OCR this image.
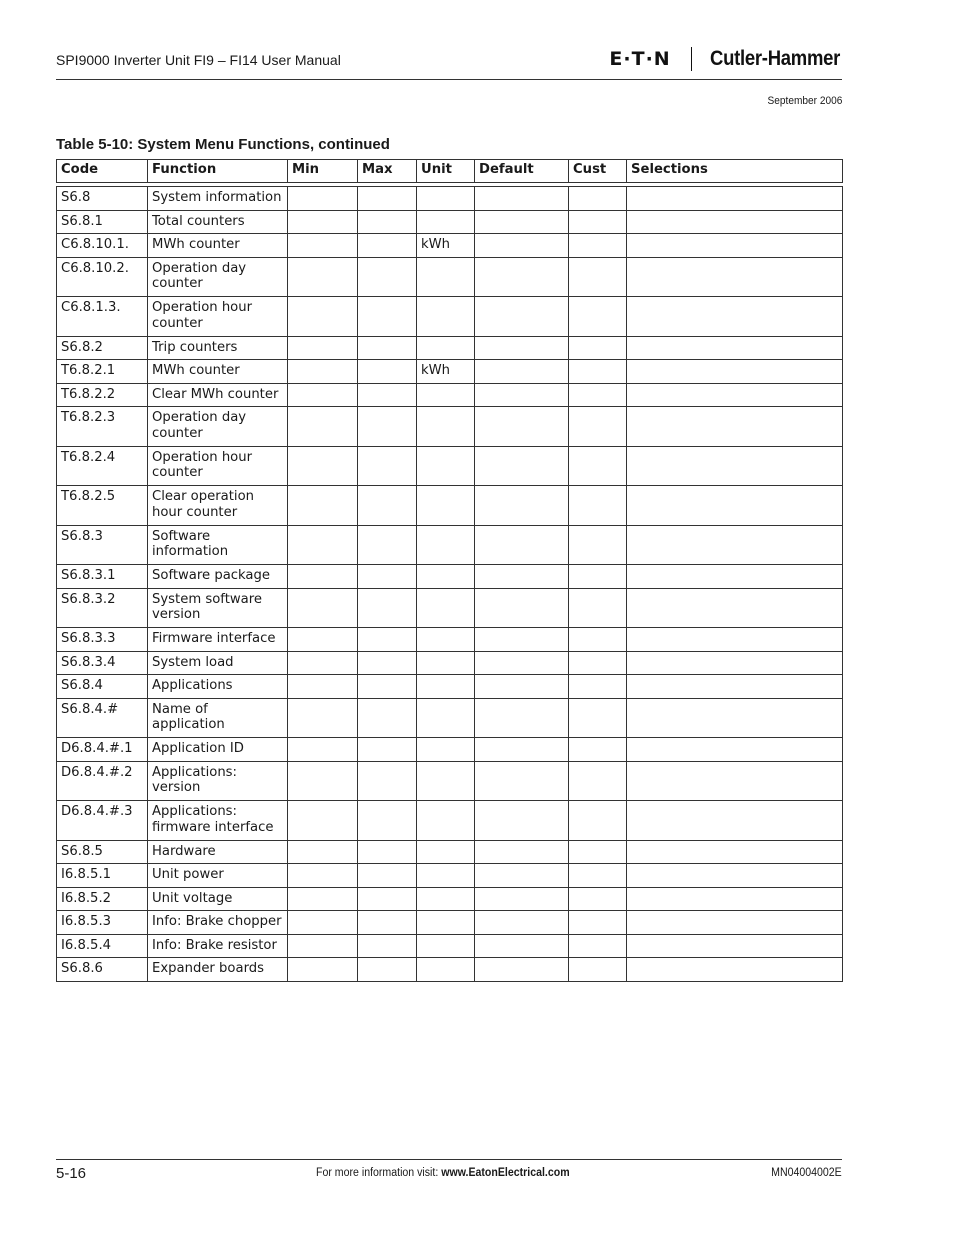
SPI9000 Inverter Unit FI9 – FI14 User Manual	E·T·N Cutler-Hammer
September 2006
Table 5-10: System Menu Functions, continued
Code	Function	Min	Max	Unit	Default	Cust	Selections

S6.8	System information						
S6.8.1	Total counters						
C6.8.10.1.	MWh counter			kWh			
C6.8.10.2.	Operation day counter						
C6.8.1.3.	Operation hour counter						
S6.8.2	Trip counters						
T6.8.2.1	MWh counter			kWh			
T6.8.2.2	Clear MWh counter						
T6.8.2.3	Operation day counter						
T6.8.2.4	Operation hour counter						
T6.8.2.5	Clear operation hour counter						
S6.8.3	Software information						
S6.8.3.1	Software package						
S6.8.3.2	System software version						
S6.8.3.3	Firmware interface						
S6.8.3.4	System load						
S6.8.4	Applications						
S6.8.4.#	Name of application						
D6.8.4.#.1	Application ID						
D6.8.4.#.2	Applications: version						
D6.8.4.#.3	Applications: firmware interface						
S6.8.5	Hardware						
I6.8.5.1	Unit power						
I6.8.5.2	Unit voltage						
I6.8.5.3	Info: Brake chopper						
I6.8.5.4	Info: Brake resistor						
S6.8.6	Expander boards						
5-16	For more information visit: www.EatonElectrical.com	MN04004002E
